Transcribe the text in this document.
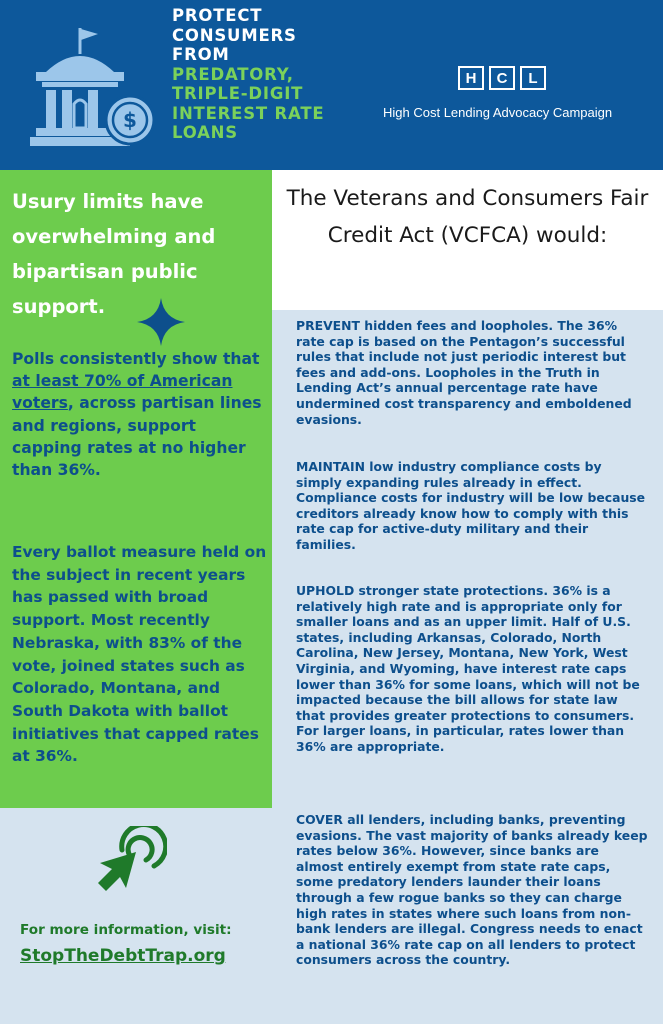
$
PROTECT
CONSUMERS
FROM
PREDATORY,
TRIPLE-DIGIT
INTEREST RATE
LOANS
H	C	L
High Cost Lending Advocacy Campaign
Usury limits have overwhelming and bipartisan public support.
Polls consistently show that at least 70% of American voters, across partisan lines and regions, support capping rates at no higher than 36%.
Every ballot measure held on the subject in recent years has passed with broad support. Most recently Nebraska, with 83% of the vote, joined states such as Colorado, Montana, and South Dakota with ballot initiatives that capped rates at 36%.
For more information, visit:
StopTheDebtTrap.org
The Veterans and Consumers Fair Credit Act (VCFCA) would:
PREVENT hidden fees and loopholes. The 36% rate cap is based on the Pentagon’s successful rules that include not just periodic interest but fees and add-ons. Loopholes in the Truth in Lending Act’s annual percentage rate have undermined cost transparency and emboldened evasions.
MAINTAIN low industry compliance costs by simply expanding rules already in effect. Compliance costs for industry will be low because creditors already know how to comply with this rate cap for active-duty military and their families.
UPHOLD stronger state protections. 36% is a relatively high rate and is appropriate only for smaller loans and as an upper limit. Half of U.S. states, including Arkansas, Colorado, North Carolina, New Jersey, Montana, New York, West Virginia, and Wyoming, have interest rate caps lower than 36% for some loans, which will not be impacted because the bill allows for state law that provides greater protections to consumers. For larger loans, in particular, rates lower than 36% are appropriate.
COVER all lenders, including banks, preventing evasions. The vast majority of banks already keep rates below 36%. However, since banks are almost entirely exempt from state rate caps, some predatory lenders launder their loans through a few rogue banks so they can charge high rates in states where such loans from non-bank lenders are illegal. Congress needs to enact a national 36% rate cap on all lenders to protect consumers across the country.
